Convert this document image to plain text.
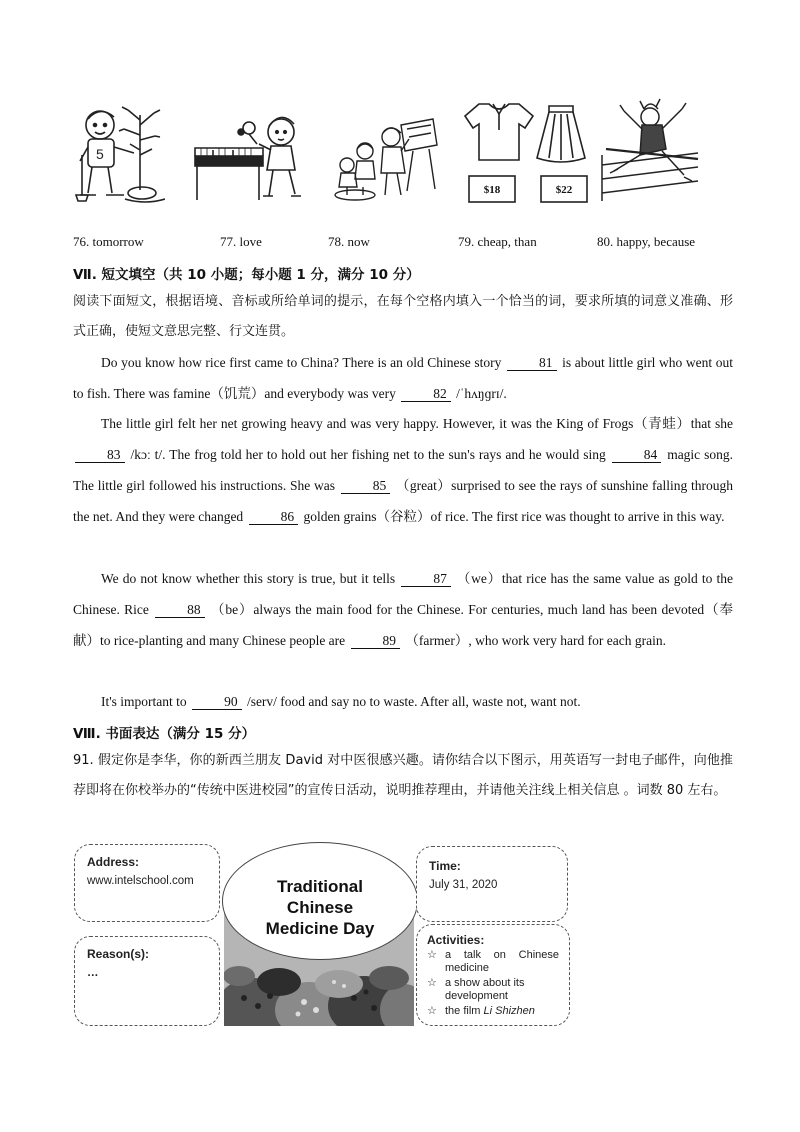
5
$18	$22
76. tomorrow	77. love	78. now	79. cheap, than	80. happy, because
Ⅶ. 短文填空（共 10 小题；每小题 1 分，满分 10 分）
阅读下面短文，根据语境、音标或所给单词的提示，在每个空格内填入一个恰当的词，要求所填的词意义准确、形式正确，使短文意思完整、行文连贯。
Do you know how rice first came to China? There is an old Chinese story	81 is about little girl who went out to fish. There was famine（饥荒）and everybody was very	82 /ˈhʌŋɡrɪ/.
The little girl felt her net growing heavy and was very happy. However, it was the King of Frogs（青蛙）that she 83 /kɔː t/. The frog told her to hold out her fishing net to the sun's rays and he would sing	84 magic song. The little girl followed his instructions. She was	85 （great）surprised to see the rays of sunshine falling through the net. And they were changed	86 golden grains（谷粒）of rice. The first rice was thought to arrive in this way.
We do not know whether this story is true, but it tells	87 （we）that rice has the same value as gold to the Chinese. Rice	88 （be）always the main food for the Chinese. For centuries, much land has been devoted（奉献）to rice-planting and many Chinese people are	89 （farmer）, who work very hard for each grain.
It's important to	90 /serv/ food and say no to waste. After all, waste not, want not.
Ⅷ. 书面表达（满分 15 分）
91. 假定你是李华，你的新西兰朋友 David 对中医很感兴趣。请你结合以下图示，用英语写一封电子邮件，向他推荐即将在你校举办的“传统中医进校园”的宣传日活动，说明推荐理由，并请他关注线上相关信息 。词数 80 左右。
Address:
www.intelschool.com
Reason(s):
…
Traditional
Chinese
Medicine Day
Time:
July 31, 2020
Activities:
☆ a talk on Chinese medicine
☆ a show about its development
☆ the film Li Shizhen
